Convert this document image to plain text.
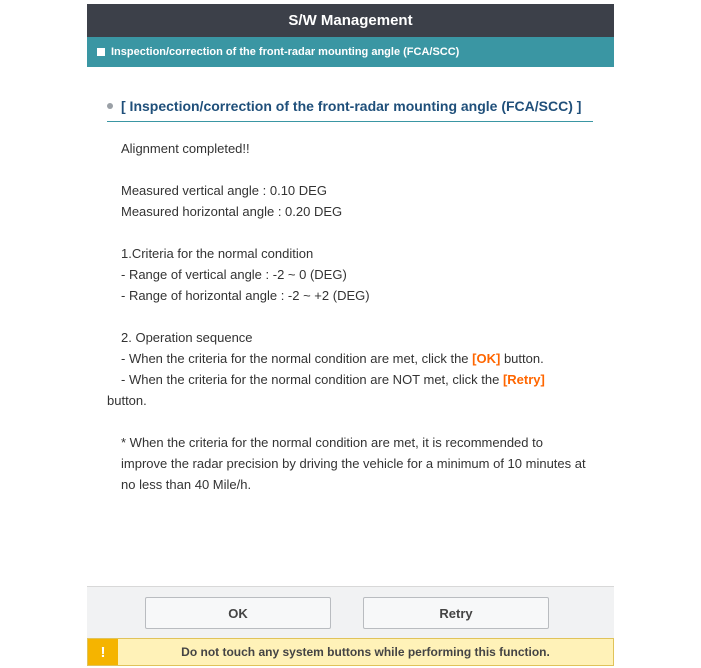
S/W Management
Inspection/correction of the front-radar mounting angle (FCA/SCC)
[ Inspection/correction of the front-radar mounting angle (FCA/SCC) ]

Alignment completed!!

Measured vertical angle : 0.10 DEG

Measured horizontal angle : 0.20 DEG

1.Criteria for the normal condition

- Range of vertical angle : -2 ~ 0 (DEG)

- Range of horizontal angle : -2 ~ +2 (DEG)

2. Operation sequence

- When the criteria for the normal condition are met, click the [OK] button.

- When the criteria for the normal condition are NOT met, click the [Retry]
button.

* When the criteria for the normal condition are met, it is recommended to improve the radar precision by driving the vehicle for a minimum of 10 minutes at no less than 40 Mile/h.

OK	Retry
!	Do not touch any system buttons while performing this function.
